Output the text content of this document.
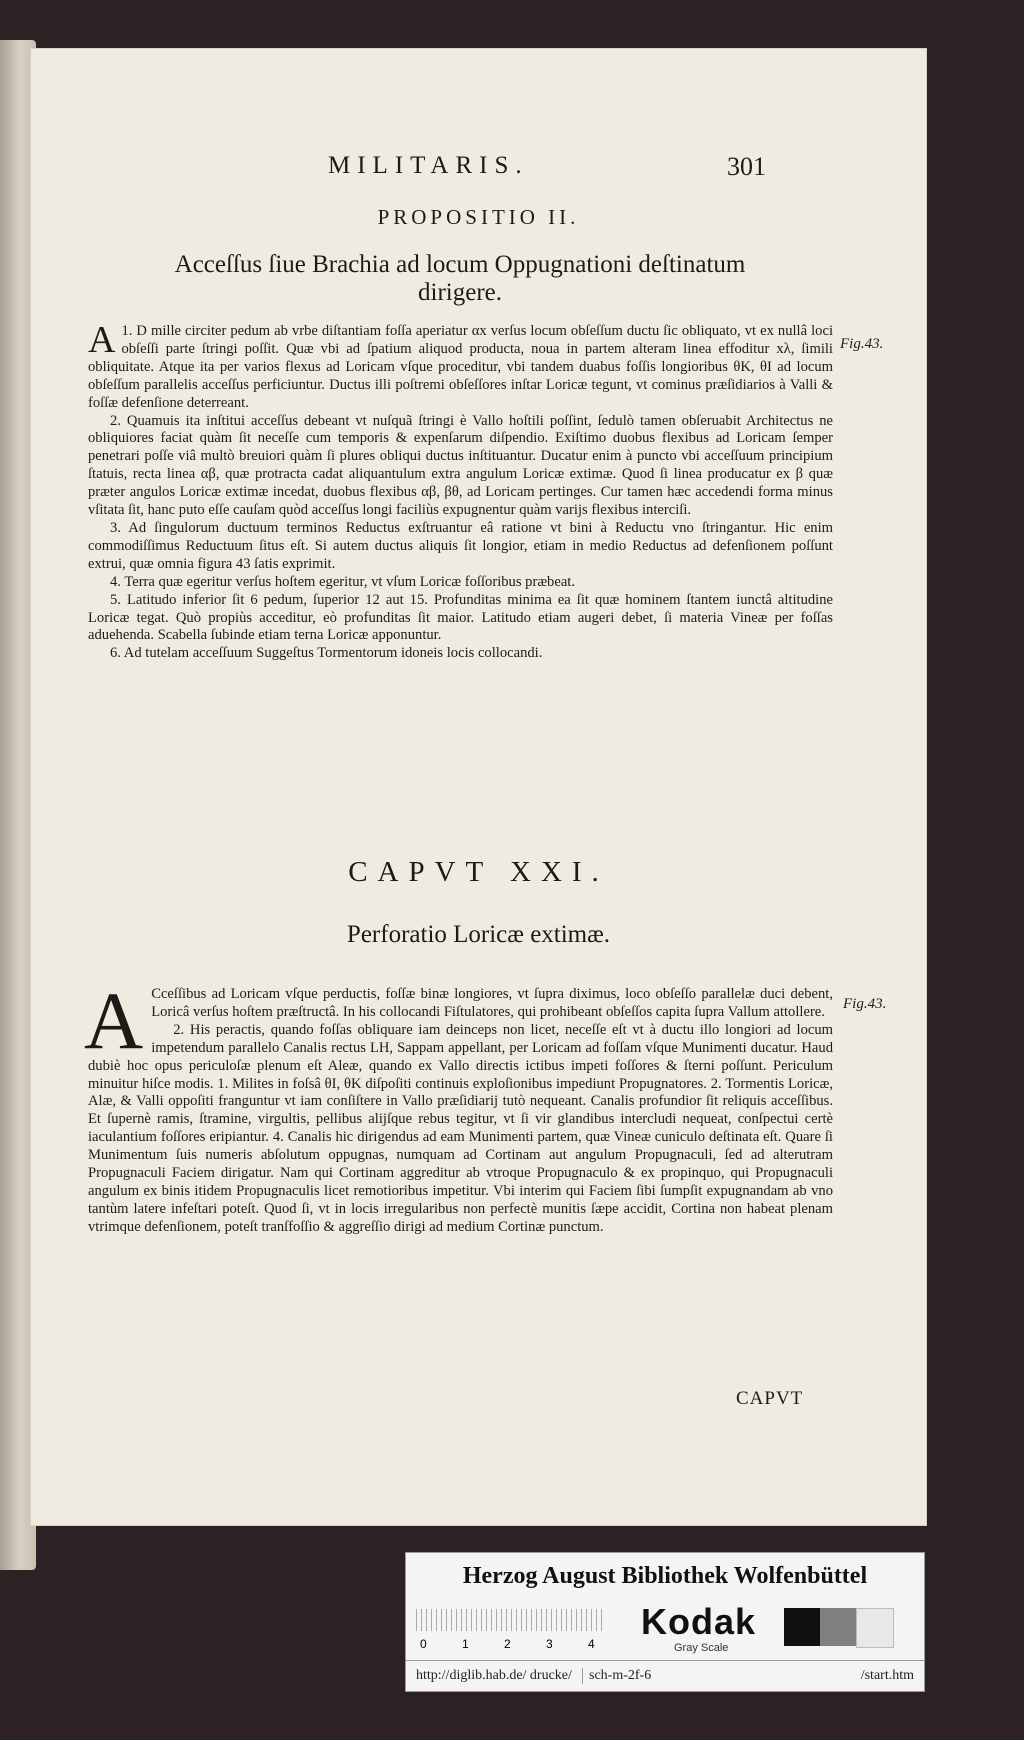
MILITARIS.	301
PROPOSITIO II.
Acceſſus ſiue Brachia ad locum Oppugnationi deſtinatum dirigere.
Fig.43.

A 1. D mille circiter pedum ab vrbe diſtantiam foſſa aperiatur αx verſus locum obſeſſum ductu ſic obliquato, vt ex nullâ loci obſeſſi parte ſtringi poſſit. Quæ vbi ad ſpatium aliquod producta, noua in partem alteram linea effoditur xλ, ſimili obliquitate. Atque ita per varios flexus ad Loricam vſque proceditur, vbi tandem duabus foſſis longioribus θK, θI ad locum obſeſſum parallelis acceſſus perficiuntur. Ductus illi poſtremi obſeſſores inſtar Loricæ tegunt, vt cominus præſidiarios à Valli & foſſæ defenſione deterreant.

2. Quamuis ita inſtitui acceſſus debeant vt nuſquã ſtringi è Vallo hoſtili poſſint, ſedulò tamen obſeruabit Architectus ne obliquiores faciat quàm ſit neceſſe cum temporis & expenſarum diſpendio. Exiſtimo duobus flexibus ad Loricam ſemper penetrari poſſe viâ multò breuiori quàm ſi plures obliqui ductus inſtituantur. Ducatur enim à puncto vbi acceſſuum principium ſtatuis, recta linea αβ, quæ protracta cadat aliquantulum extra angulum Loricæ extimæ. Quod ſi linea producatur ex β quæ præter angulos Loricæ extimæ incedat, duobus flexibus αβ, βθ, ad Loricam pertinges. Cur tamen hæc accedendi forma minus vſitata ſit, hanc puto eſſe cauſam quòd acceſſus longi faciliùs expugnentur quàm varijs flexibus interciſi.

3. Ad ſingulorum ductuum terminos Reductus exſtruantur eâ ratione vt bini à Reductu vno ſtringantur. Hic enim commodiſſimus Reductuum ſitus eſt. Si autem ductus aliquis ſit longior, etiam in medio Reductus ad defenſionem poſſunt extrui, quæ omnia figura 43 ſatis exprimit.

4. Terra quæ egeritur verſus hoſtem egeritur, vt vſum Loricæ foſſoribus præbeat.

5. Latitudo inferior ſit 6 pedum, ſuperior 12 aut 15. Profunditas minima ea ſit quæ hominem ſtantem iunctâ altitudine Loricæ tegat. Quò propiùs acceditur, eò profunditas ſit maior. Latitudo etiam augeri debet, ſi materia Vineæ per foſſas aduehenda. Scabella ſubinde etiam terna Loricæ apponuntur.

6. Ad tutelam acceſſuum Suggeſtus Tormentorum idoneis locis collocandi.

CAPVT XXI.
Perforatio Loricæ extimæ.
Fig.43.

A Cceſſibus ad Loricam vſque perductis, foſſæ binæ longiores, vt ſupra diximus, loco obſeſſo parallelæ duci debent, Loricâ verſus hoſtem præſtructâ. In his collocandi Fiſtulatores, qui prohibeant obſeſſos capita ſupra Vallum attollere.

2. His peractis, quando foſſas obliquare iam deinceps non licet, neceſſe eſt vt à ductu illo longiori ad locum impetendum parallelo Canalis rectus LH, Sappam appellant, per Loricam ad foſſam vſque Munimenti ducatur. Haud dubiè hoc opus periculoſæ plenum eſt Aleæ, quando ex Vallo directis ictibus impeti foſſores & ſterni poſſunt. Periculum minuitur hiſce modis. 1. Milites in foſsâ θI, θK diſpoſiti continuis exploſionibus impediunt Propugnatores. 2. Tormentis Loricæ, Alæ, & Valli oppoſiti franguntur vt iam conſiſtere in Vallo præſidiarij tutò nequeant. Canalis profundior ſit reliquis acceſſibus. Et ſupernè ramis, ſtramine, virgultis, pellibus alijſque rebus tegitur, vt ſi vir glandibus intercludi nequeat, conſpectui certè iaculantium foſſores eripiantur. 4. Canalis hic dirigendus ad eam Munimenti partem, quæ Vineæ cuniculo deſtinata eſt. Quare ſi Munimentum ſuis numeris abſolutum oppugnas, numquam ad Cortinam aut angulum Propugnaculi, ſed ad alterutram Propugnaculi Faciem dirigatur. Nam qui Cortinam aggreditur ab vtroque Propugnaculo & ex propinquo, qui Propugnaculi angulum ex binis itidem Propugnaculis licet remotioribus impetitur. Vbi interim qui Faciem ſibi ſumpſit expugnandam ab vno tantùm latere infeſtari poteſt. Quod ſi, vt in locis irregularibus non perfectè munitis ſæpe accidit, Cortina non habeat plenam vtrimque defenſionem, poteſt tranſfoſſio & aggreſſio dirigi ad medium Cortinæ punctum.

CAPVT
Herzog August Bibliothek Wolfenbüttel
0	1	2	3	4
Kodak
Gray Scale
http://diglib.hab.de/ drucke/	sch-m-2f-6	/start.htm
